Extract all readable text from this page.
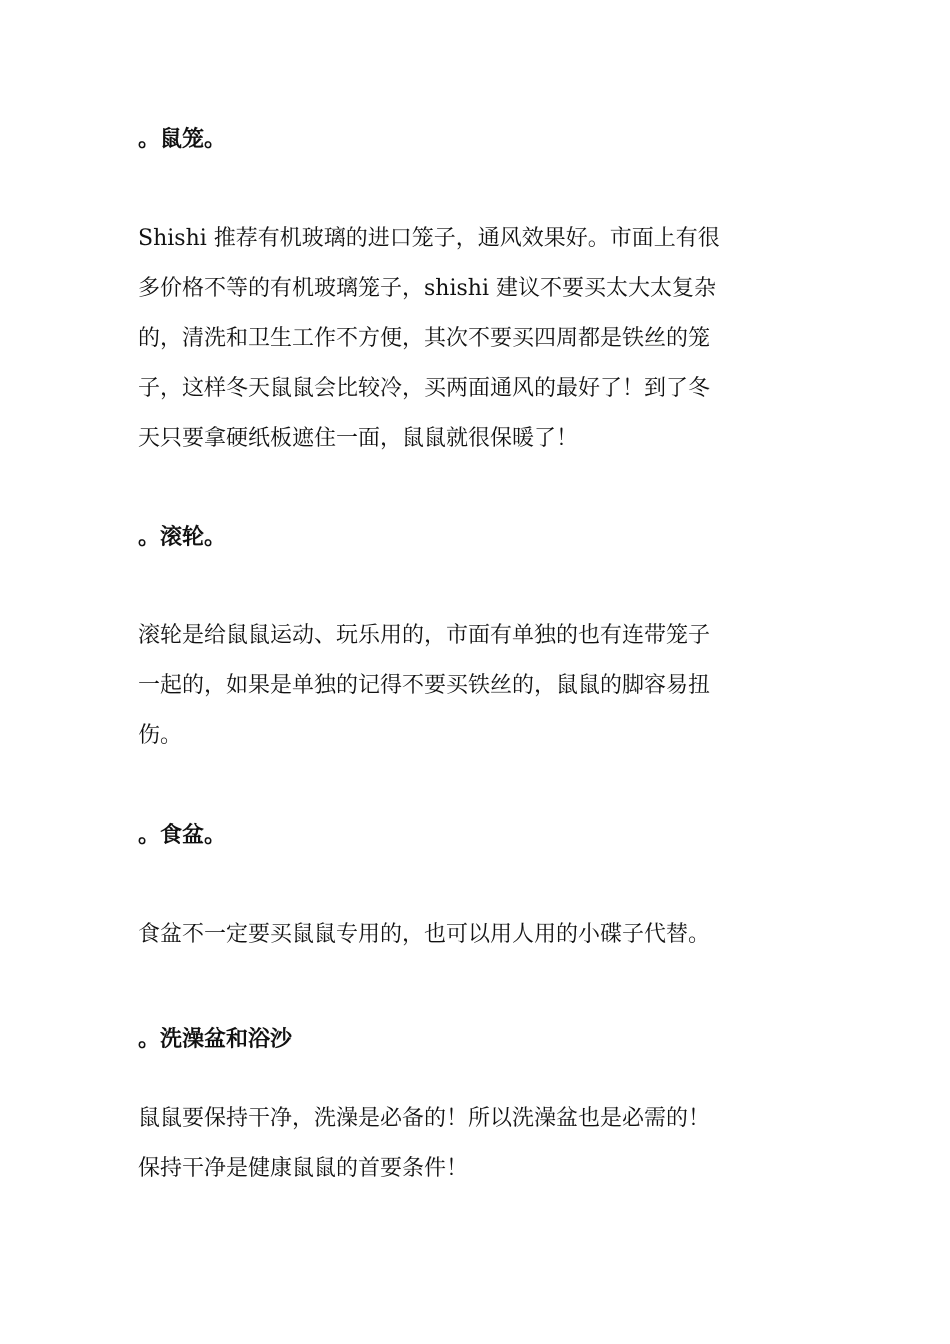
。鼠笼。

Shishi 推荐有机玻璃的进口笼子，通风效果好。市面上有很
多价格不等的有机玻璃笼子，shishi 建议不要买太大太复杂
的，清洗和卫生工作不方便，其次不要买四周都是铁丝的笼
子，这样冬天鼠鼠会比较冷，买两面通风的最好了！到了冬
天只要拿硬纸板遮住一面，鼠鼠就很保暖了！

。滚轮。

滚轮是给鼠鼠运动、玩乐用的，市面有单独的也有连带笼子
一起的，如果是单独的记得不要买铁丝的，鼠鼠的脚容易扭
伤。

。食盆。

食盆不一定要买鼠鼠专用的，也可以用人用的小碟子代替。

。洗澡盆和浴沙

鼠鼠要保持干净，洗澡是必备的！所以洗澡盆也是必需的！
保持干净是健康鼠鼠的首要条件！
